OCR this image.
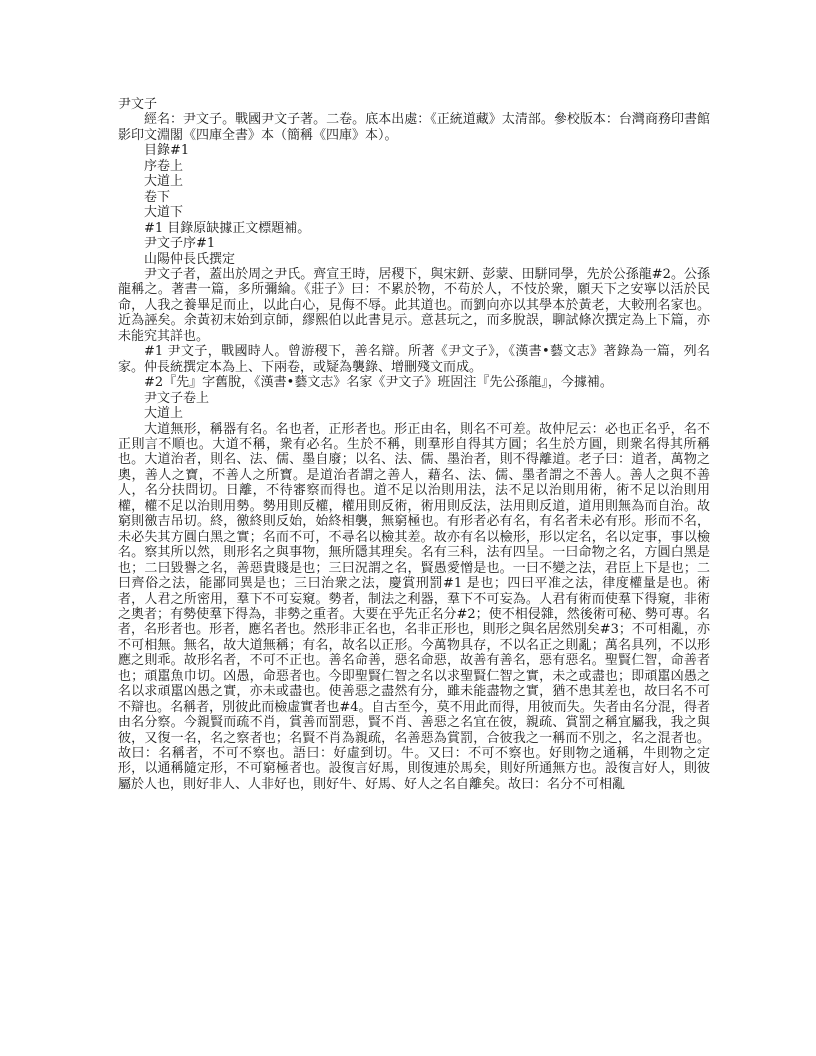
尹文子

經名：尹文子。戰國尹文子著。二卷。底本出處：《正統道藏》太清部。參校版本：台灣商務印書館影印文淵閣《四庫全書》本（簡稱《四庫》本）。

目錄#1

序卷上

大道上

卷下

大道下

#1 目錄原缺據正文標題補。

尹文子序#1

山陽仲長氏撰定

尹文子者，蓋出於周之尹氏。齊宣王時，居稷下，與宋鈃、彭蒙、田駢同學，先於公孫龍#2。公孫龍稱之。著書一篇，多所彌綸。《莊子》曰：不累於物，不苟於人，不忮於衆，願天下之安寧以活於民命，人我之養畢足而止，以此白心，見侮不辱。此其道也。而劉向亦以其學本於黃老，大較刑名家也。近為誣矣。余黃初末始到京師，繆熙伯以此書見示。意甚玩之，而多脫誤，聊試條次撰定為上下篇，亦未能究其詳也。

#1 尹文子，戰國時人。曾游稷下，善名辯。所著《尹文子》，《漢書•藝文志》著錄為一篇，列名家。仲長統撰定本為上、下兩卷，或疑為襲錄、增刪殘文而成。

#2『先』字舊脫，《漢書•藝文志》名家《尹文子》班固注『先公孫龍』，今據補。

尹文子卷上

大道上

大道無形，稱器有名。名也者，正形者也。形正由名，則名不可差。故仲尼云：必也正名乎，名不正則言不順也。大道不稱，衆有必名。生於不稱，則羣形自得其方圓；名生於方圓，則衆名得其所稱也。大道治者，則名、法、儒、墨自廢；以名、法、儒、墨治者，則不得離道。老子曰：道者，萬物之奧，善人之寶，不善人之所寶。是道治者謂之善人，藉名、法、儒、墨者謂之不善人。善人之與不善人，名分扶問切。日離，不待審察而得也。道不足以治則用法，法不足以治則用術，術不足以治則用權，權不足以治則用勢。勢用則反權，權用則反術，術用則反法，法用則反道，道用則無為而自治。故窮則徼吉吊切。終，徼終則反始，始終相襲，無窮極也。有形者必有名，有名者未必有形。形而不名，未必失其方圓白黑之實；名而不可，不尋名以檢其差。故亦有名以檢形，形以定名，名以定事，事以檢名。察其所以然，則形名之與事物，無所隱其理矣。名有三科，法有四呈。一曰命物之名，方圓白黑是也；二曰毀譽之名，善惡貴賤是也；三曰況謂之名，賢愚愛憎是也。一曰不變之法，君臣上下是也；二曰齊俗之法，能鄙同異是也；三曰治衆之法，慶賞刑罰#1 是也；四曰平准之法，律度權量是也。術者，人君之所密用，羣下不可妄窺。勢者，制法之利器，羣下不可妄為。人君有術而使羣下得窺，非術之奧者；有勢使羣下得為，非勢之重者。大要在乎先正名分#2；使不相侵雜，然後術可秘、勢可專。名者，名形者也。形者，應名者也。然形非正名也，名非正形也，則形之與名居然別矣#3；不可相亂，亦不可相無。無名，故大道無稱；有名，故名以正形。今萬物具存，不以名正之則亂；萬名具列，不以形應之則乖。故形名者，不可不正也。善名命善，惡名命惡，故善有善名，惡有惡名。聖賢仁智，命善者也；頑嚚魚巾切。凶愚，命惡者也。今即聖賢仁智之名以求聖賢仁智之實，未之或盡也；即頑嚚凶愚之名以求頑嚚凶愚之實，亦未或盡也。使善惡之盡然有分，雖未能盡物之實，猶不患其差也，故曰名不可不辯也。名稱者，別彼此而檢虛實者也#4。自古至今，莫不用此而得，用彼而失。失者由名分混，得者由名分察。今親賢而疏不肖，賞善而罰惡，賢不肖、善惡之名宜在彼，親疏、賞罰之稱宜屬我，我之與彼，又復一名，名之察者也；名賢不肖為親疏，名善惡為賞罰，合彼我之一稱而不別之，名之混者也。故曰：名稱者，不可不察也。語曰：好虛到切。牛。又曰：不可不察也。好則物之通稱，牛則物之定形，以通稱隨定形，不可窮極者也。設復言好馬，則復連於馬矣，則好所通無方也。設復言好人，則彼屬於人也，則好非人、人非好也，則好牛、好馬、好人之名自離矣。故曰：名分不可相亂
